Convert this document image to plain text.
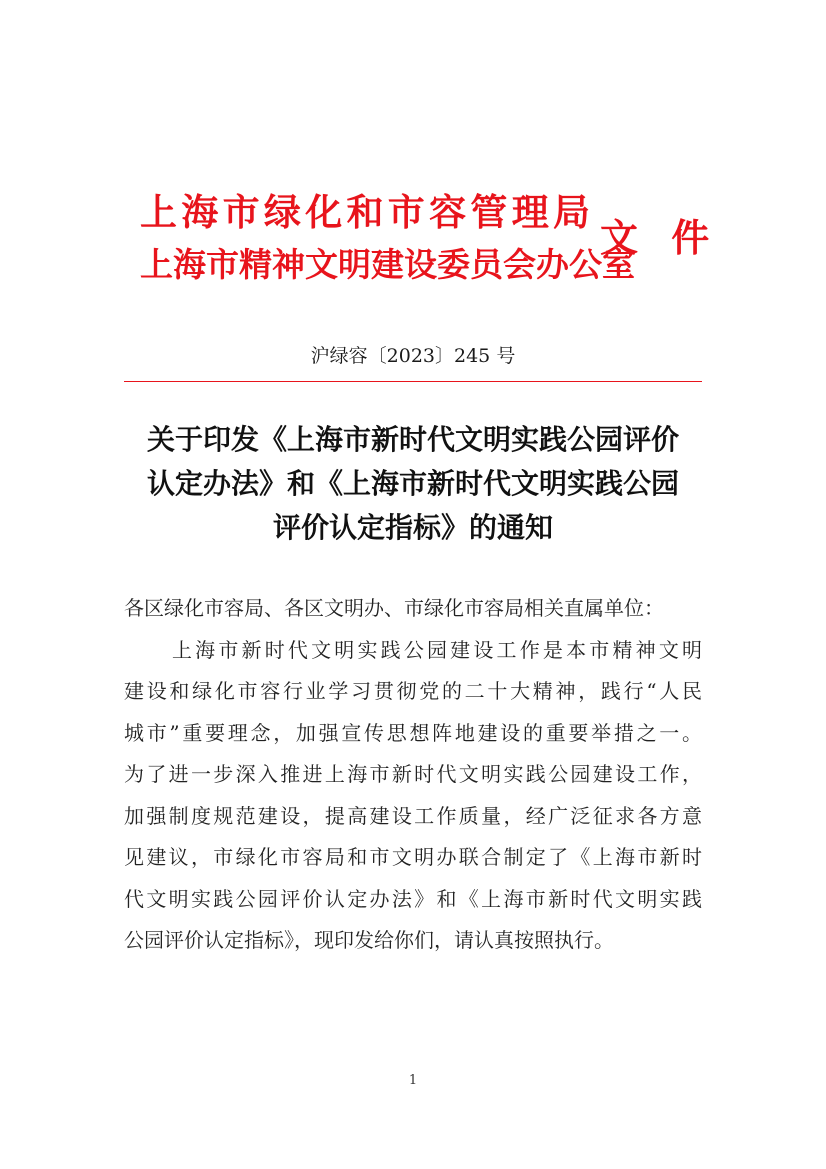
上海市绿化和市容管理局
上海市精神文明建设委员会办公室
文 件
沪绿容〔2023〕245 号
关于印发《上海市新时代文明实践公园评价
认定办法》和《上海市新时代文明实践公园
评价认定指标》的通知
各区绿化市容局、各区文明办、市绿化市容局相关直属单位：
上海市新时代文明实践公园建设工作是本市精神文明
建设和绿化市容行业学习贯彻党的二十大精神，践行“人民
城市”重要理念，加强宣传思想阵地建设的重要举措之一。
为了进一步深入推进上海市新时代文明实践公园建设工作，
加强制度规范建设，提高建设工作质量，经广泛征求各方意
见建议，市绿化市容局和市文明办联合制定了《上海市新时
代文明实践公园评价认定办法》和《上海市新时代文明实践
公园评价认定指标》，现印发给你们，请认真按照执行。
1
